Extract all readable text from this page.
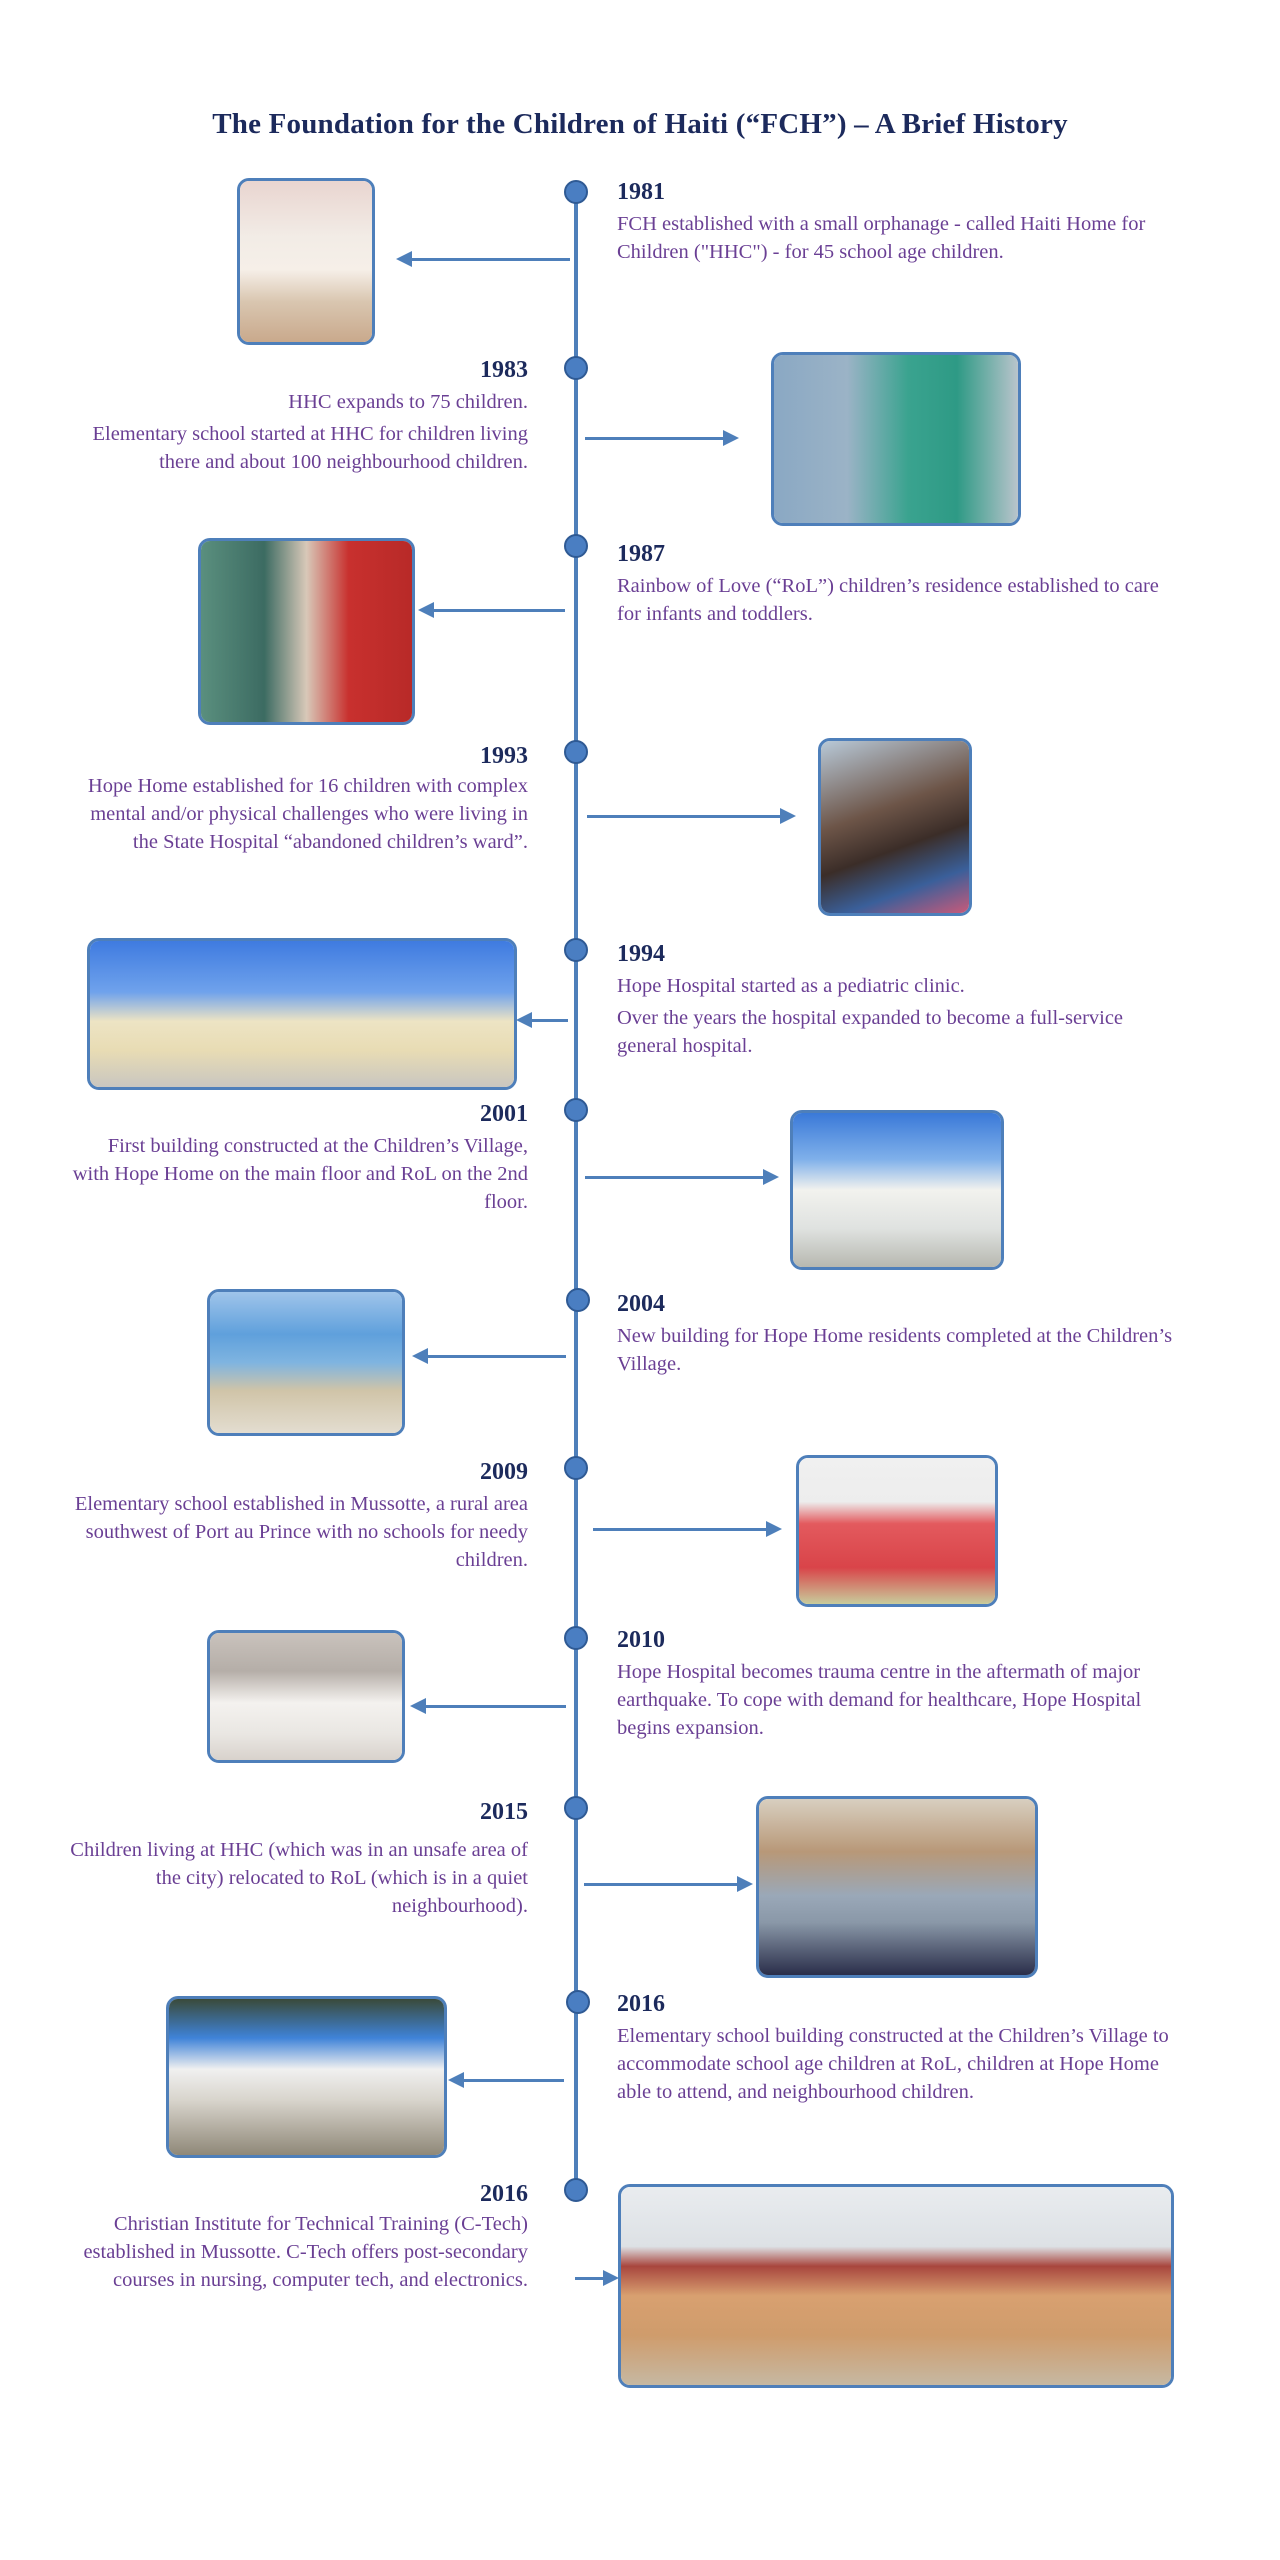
The Foundation for the Children of Haiti (“FCH”) – A Brief History
1981

FCH established with a small orphanage - called Haiti Home for Children ("HHC") - for 45 school age children.

1983

HHC expands to 75 children.

Elementary school started at HHC for children living there and about 100 neighbourhood children.

1987

Rainbow of Love (“RoL”) children’s residence established to care for infants and toddlers.

1993

Hope Home established for 16 children with complex mental and/or physical challenges who were living in the State Hospital “abandoned children’s ward”.

1994

Hope Hospital started as a pediatric clinic.

Over the years the hospital expanded to become a full-service general hospital.

2001

First building constructed at the Children’s Village, with Hope Home on the main floor and RoL on the 2nd floor.

2004

New building for Hope Home residents completed at the Children’s Village.

2009

Elementary school established in Mussotte, a rural area southwest of Port au Prince with no schools for needy children.

2010

Hope Hospital becomes trauma centre in the aftermath of major earthquake. To cope with demand for healthcare, Hope Hospital begins expansion.

2015

Children living at HHC (which was in an unsafe area of the city) relocated to RoL (which is in a quiet neighbourhood).

2016

Elementary school building constructed at the Children’s Village to accommodate school age children at RoL, children at Hope Home able to attend, and neighbourhood children.

2016

Christian Institute for Technical Training (C-Tech) established in Mussotte. C-Tech offers post-secondary courses in nursing, computer tech, and electronics.
